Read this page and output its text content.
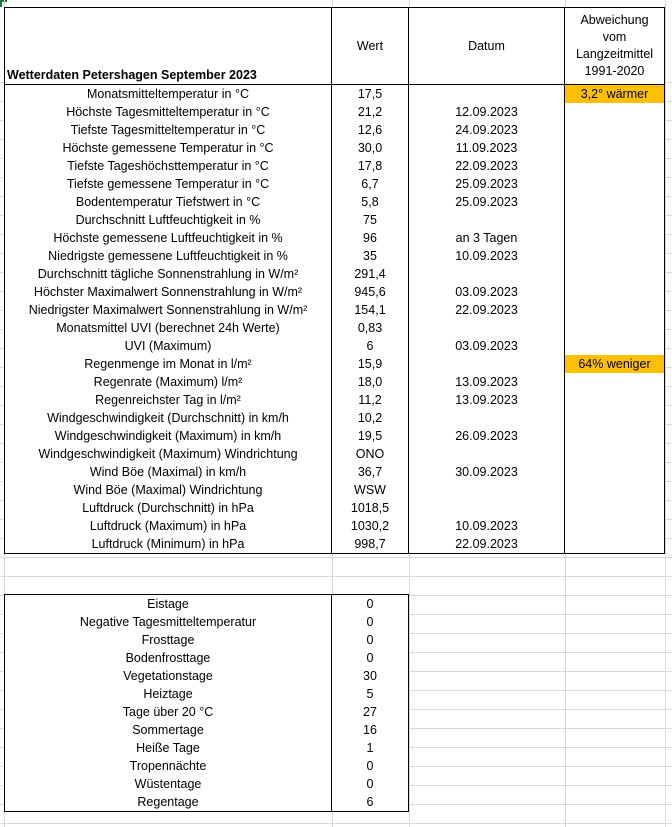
Wetterdaten Petershagen September 2023	Wert	Datum	Abweichung vom Langzeitmittel 1991-2020
Monatsmitteltemperatur in °C	17,5		3,2° wärmer
Höchste Tagesmitteltemperatur in °C	21,2	12.09.2023	
Tiefste Tagesmitteltemperatur in °C	12,6	24.09.2023	
Höchste gemessene Temperatur in °C	30,0	11.09.2023	
Tiefste Tageshöchsttemperatur in °C	17,8	22.09.2023	
Tiefste gemessene Temperatur in °C	6,7	25.09.2023	
Bodentemperatur Tiefstwert in °C	5,8	25.09.2023	
Durchschnitt Luftfeuchtigkeit in %	75		
Höchste gemessene Luftfeuchtigkeit in %	96	an 3 Tagen	
Niedrigste gemessene Luftfeuchtigkeit in %	35	10.09.2023	
Durchschnitt tägliche Sonnenstrahlung in W/m²	291,4		
Höchster Maximalwert Sonnenstrahlung in W/m²	945,6	03.09.2023	
Niedrigster Maximalwert Sonnenstrahlung in W/m²	154,1	22.09.2023	
Monatsmittel UVI (berechnet 24h Werte)	0,83		
UVI (Maximum)	6	03.09.2023	
Regenmenge im Monat in l/m²	15,9		64% weniger
Regenrate (Maximum) l/m²	18,0	13.09.2023	
Regenreichster Tag in l/m²	11,2	13.09.2023	
Windgeschwindigkeit (Durchschnitt) in km/h	10,2		
Windgeschwindigkeit (Maximum) in km/h	19,5	26.09.2023	
Windgeschwindigkeit (Maximum) Windrichtung	ONO		
Wind Böe (Maximal) in km/h	36,7	30.09.2023	
Wind Böe (Maximal) Windrichtung	WSW		
Luftdruck (Durchschnitt) in hPa	1018,5		
Luftdruck (Maximum) in hPa	1030,2	10.09.2023	
Luftdruck (Minimum) in hPa	998,7	22.09.2023	
Eistage	0
Negative Tagesmitteltemperatur	0
Frosttage	0
Bodenfrosttage	0
Vegetationstage	30
Heiztage	5
Tage über 20 °C	27
Sommertage	16
Heiße Tage	1
Tropennächte	0
Wüstentage	0
Regentage	6
